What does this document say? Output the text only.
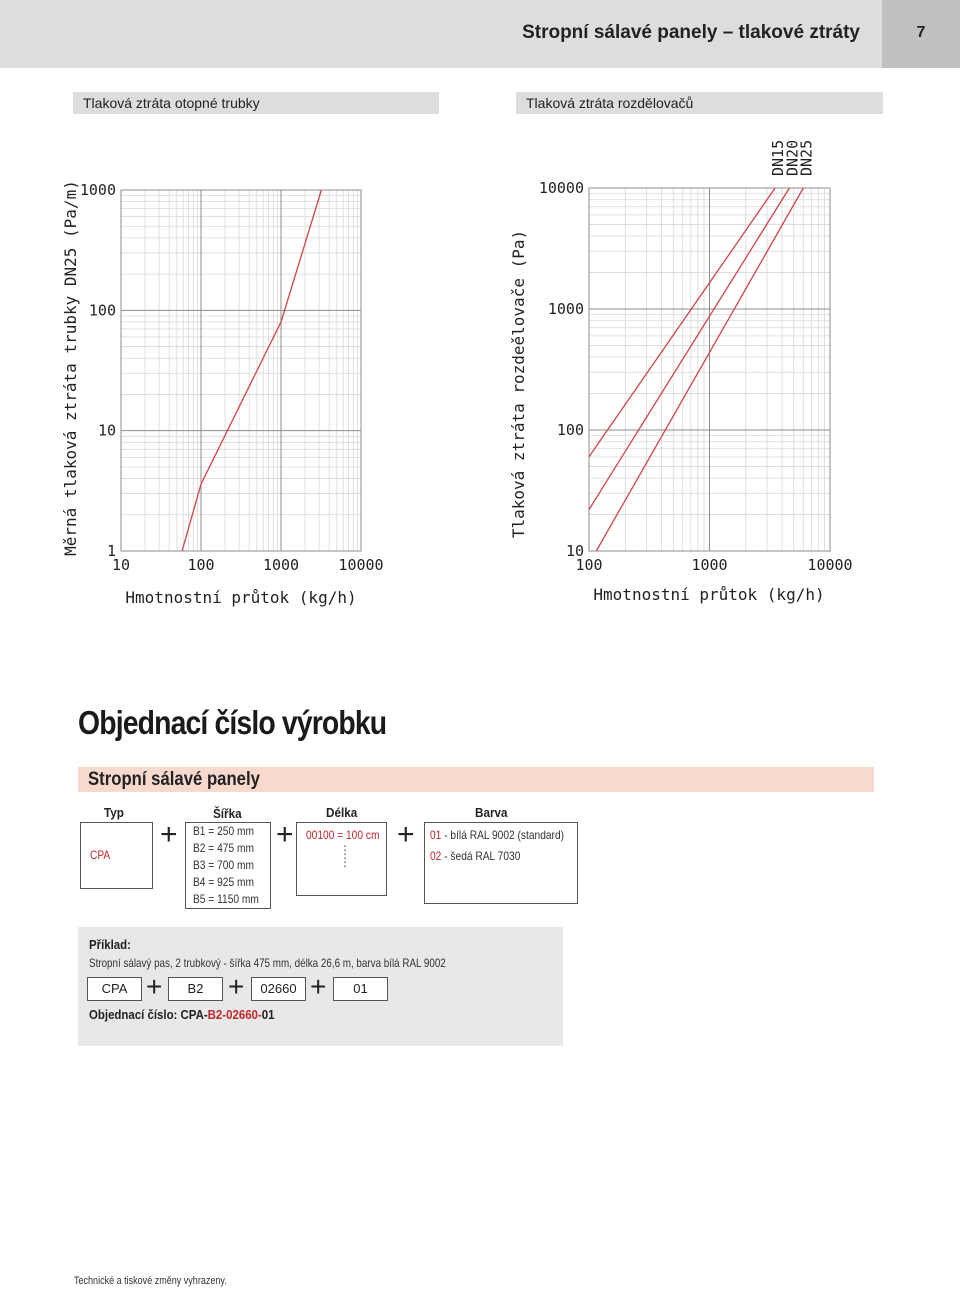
Stropní sálavé panely – tlakové ztráty	7
Tlaková ztráta otopné trubky	Tlaková ztráta rozdělovačů
10	100	1000	10000
1
10
100
1000
Měrná tlaková ztráta trubky DN25 (Pa/m)
Hmotnostní průtok (kg/h)
100	1000	10000
10
100
1000
10000
DN15
DN20
DN25
Tlaková ztráta rozdeělovače (Pa)
Hmotnostní průtok (kg/h)
Objednací číslo výrobku
Stropní sálavé panely
Typ	Šířka	Délka	Barva
CPA
+ B1 = 250 mm
B2 = 475 mm
B3 = 700 mm
B4 = 925 mm
B5 = 1150 mm
+ 00100 = 100 cm
⋮
⋮
+ 01 - bílá RAL 9002 (standard)
02 - šedá RAL 7030
Příklad:
Stropní sálavý pas, 2 trubkový - šířka 475 mm, délka 26,6 m, barva bílá RAL 9002
CPA +	B2 +	02660 +	01
Objednací číslo: CPA-B2-02660-01
Technické a tiskové změny vyhrazeny.
